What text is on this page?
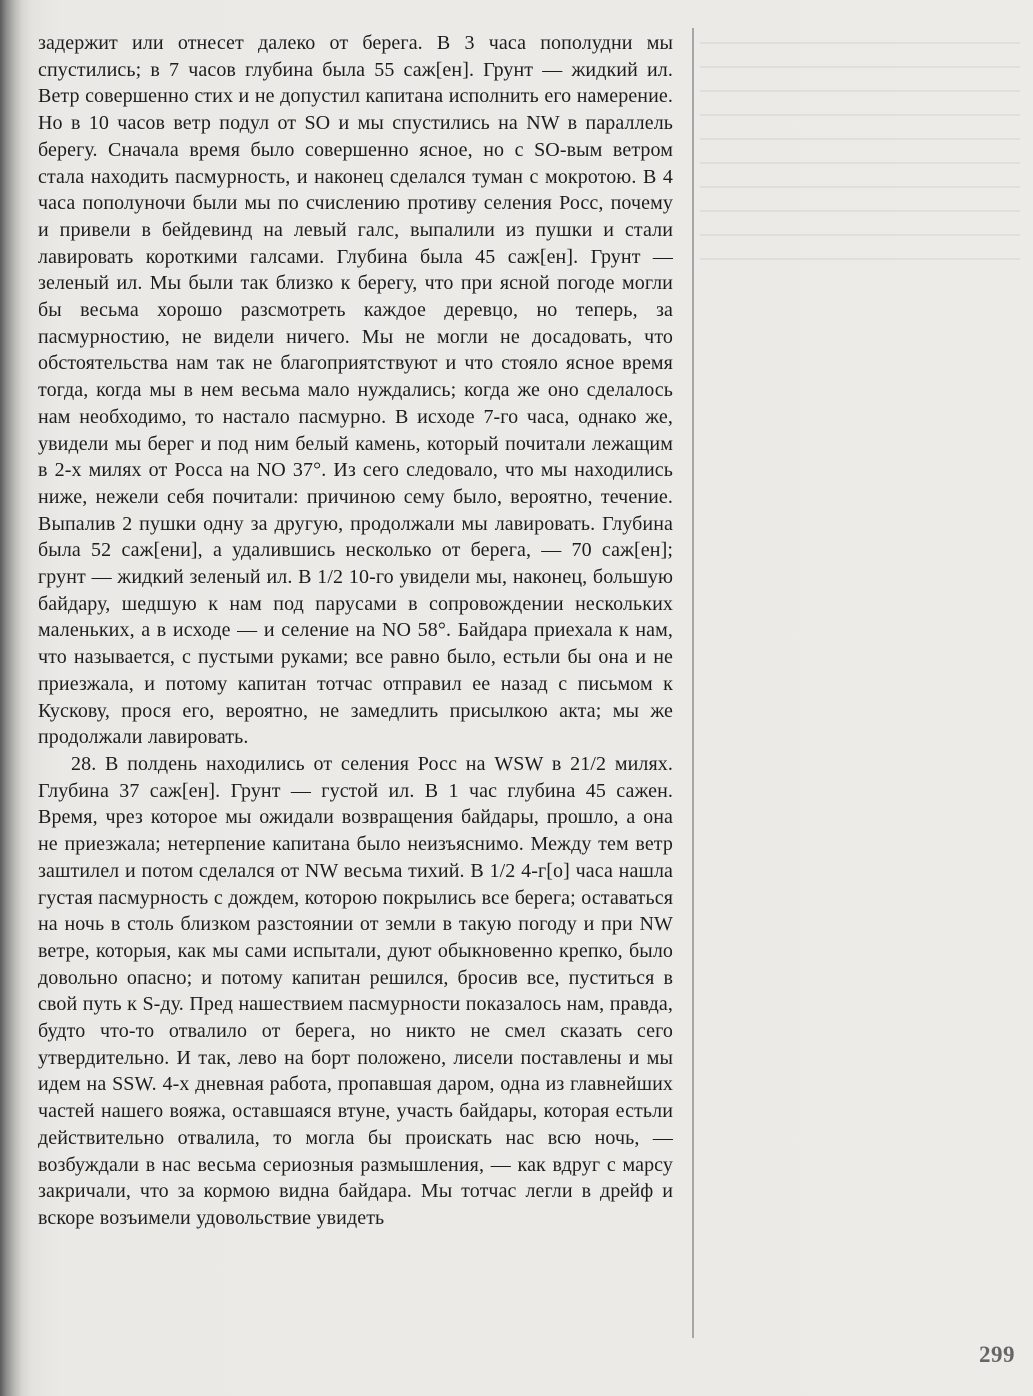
задержит или отнесет далеко от берега. В 3 часа пополудни мы спустились; в 7 часов глубина была 55 саж[ен]. Грунт — жидкий ил. Ветр совершенно стих и не допустил капитана исполнить его намерение. Но в 10 часов ветр подул от SO и мы спустились на NW в параллель берегу. Сначала время было совершенно ясное, но с SO-вым ветром стала находить пасмурность, и наконец сделался туман с мокротою. В 4 часа пополуночи были мы по счислению противу селения Росс, почему и привели в бейдевинд на левый галс, выпалили из пушки и стали лавировать короткими галсами. Глубина была 45 саж[ен]. Грунт — зеленый ил. Мы были так близко к берегу, что при ясной погоде могли бы весьма хорошо разсмотреть каждое деревцо, но теперь, за пасмурностию, не видели ничего. Мы не могли не досадовать, что обстоятельства нам так не благоприятствуют и что стояло ясное время тогда, когда мы в нем весьма мало нуждались; когда же оно сделалось нам необходимо, то настало пасмурно. В исходе 7-го часа, однако же, увидели мы берег и под ним белый камень, который почитали лежащим в 2-х милях от Росса на NO 37°. Из сего следовало, что мы находились ниже, нежели себя почитали: причиною сему было, вероятно, течение. Выпалив 2 пушки одну за другую, продолжали мы лавировать. Глубина была 52 саж[ени], а удалившись несколько от берега, — 70 саж[ен]; грунт — жидкий зеленый ил. В 1/2 10-го увидели мы, наконец, большую байдару, шедшую к нам под парусами в сопровождении нескольких маленьких, а в исходе — и селение на NO 58°. Байдара приехала к нам, что называется, с пустыми руками; все равно было, естьли бы она и не приезжала, и потому капитан тотчас отправил ее назад с письмом к Кускову, прося его, вероятно, не замедлить присылкою акта; мы же продолжали лавировать.

28. В полдень находились от селения Росс на WSW в 21/2 милях. Глубина 37 саж[ен]. Грунт — густой ил. В 1 час глубина 45 сажен. Время, чрез которое мы ожидали возвращения байдары, прошло, а она не приезжала; нетерпение капитана было неизъяснимо. Между тем ветр заштилел и потом сделался от NW весьма тихий. В 1/2 4-г[о] часа нашла густая пасмурность с дождем, которою покрылись все берега; оставаться на ночь в столь близком разстоянии от земли в такую погоду и при NW ветре, которыя, как мы сами испытали, дуют обыкновенно крепко, было довольно опасно; и потому капитан решился, бросив все, пуститься в свой путь к S-ду. Пред нашествием пасмурности показалось нам, правда, будто что-то отвалило от берега, но никто не смел сказать сего утвердительно. И так, лево на борт положено, лисели поставлены и мы идем на SSW. 4-х дневная работа, пропавшая даром, одна из главнейших частей нашего вояжа, оставшаяся втуне, участь байдары, которая естьли действительно отвалила, то могла бы проискать нас всю ночь, — возбуждали в нас весьма сериозныя размышления, — как вдруг с марсу закричали, что за кормою видна байдара. Мы тотчас легли в дрейф и вскоре возъимели удовольствие увидеть

299
